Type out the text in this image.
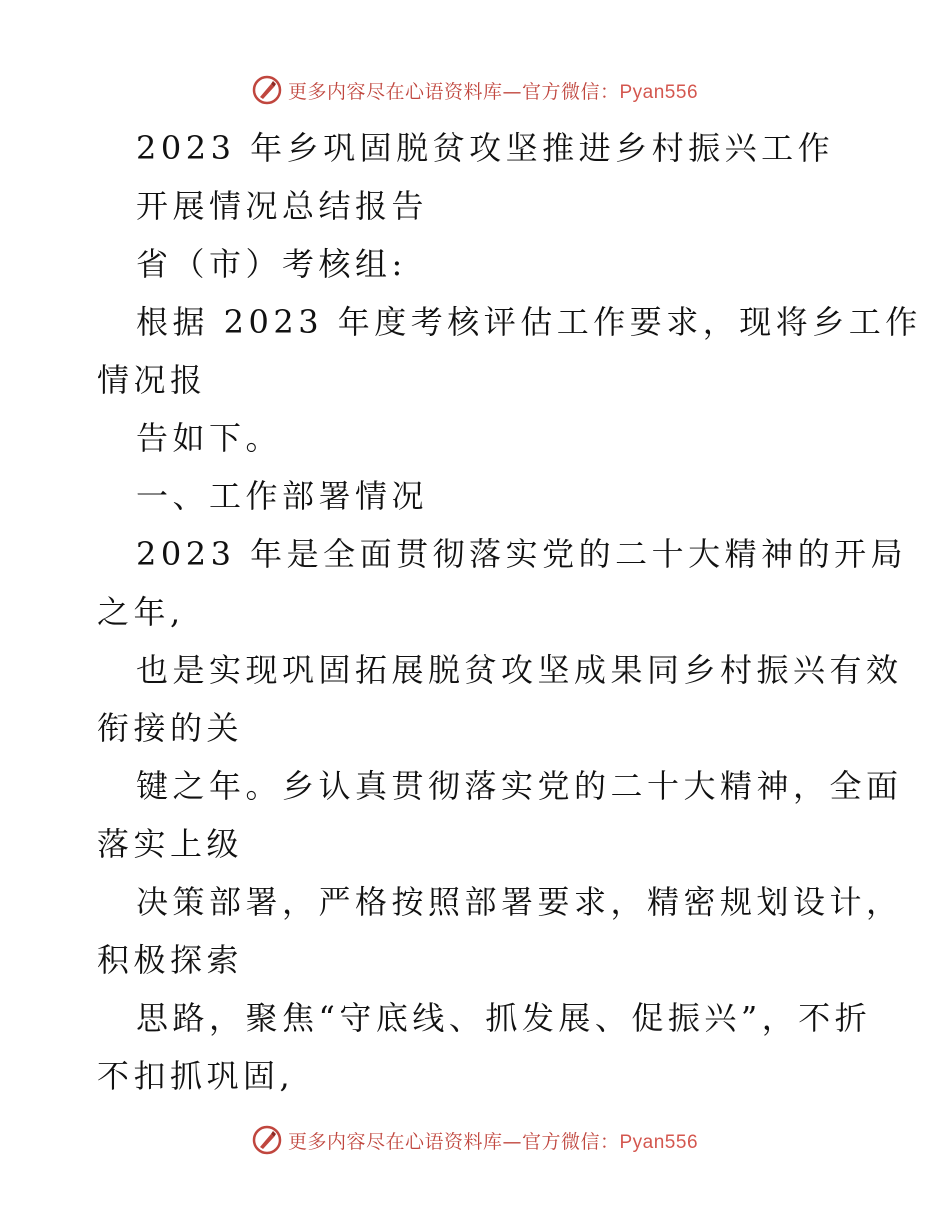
更多内容尽在心语资料库—官方微信：Pyan556
2023 年乡巩固脱贫攻坚推进乡村振兴工作
开展情况总结报告
省（市）考核组:
根据 2023 年度考核评估工作要求，现将乡工作
情况报
告如下。
一、工作部署情况
2023 年是全面贯彻落实党的二十大精神的开局
之年,
也是实现巩固拓展脱贫攻坚成果同乡村振兴有效
衔接的关
键之年。乡认真贯彻落实党的二十大精神，全面
落实上级
决策部署，严格按照部署要求，精密规划设计，
积极探索
思路，聚焦“守底线、抓发展、促振兴”，不折
不扣抓巩固,
更多内容尽在心语资料库—官方微信：Pyan556
